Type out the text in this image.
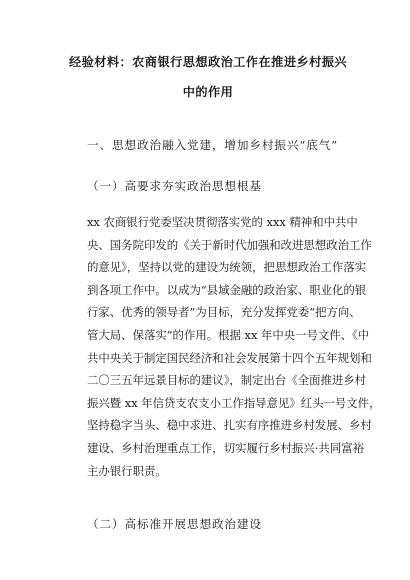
经验材料：农商银行思想政治工作在推进乡村振兴中的作用

一、思想政治融入党建，增加乡村振兴“底气”

（一）高要求夯实政治思想根基

xx 农商银行党委坚决贯彻落实党的 xxx 精神和中共中
央、国务院印发的《关于新时代加强和改进思想政治工作
的意见》，坚持以党的建设为统领，把思想政治工作落实
到各项工作中。以成为“县域金融的政治家、职业化的银
行家、优秀的领导者”为目标，充分发挥党委“把方向、
管大局、保落实”的作用。根据 xx 年中央一号文件、《中
共中央关于制定国民经济和社会发展第十四个五年规划和
二〇三五年远景目标的建议》，制定出台《全面推进乡村
振兴暨 xx 年信贷支农支小工作指导意见》红头一号文件，
坚持稳字当头、稳中求进、扎实有序推进乡村发展、乡村
建设、乡村治理重点工作，切实履行乡村振兴·共同富裕
主办银行职责。

（二）高标准开展思想政治建设
